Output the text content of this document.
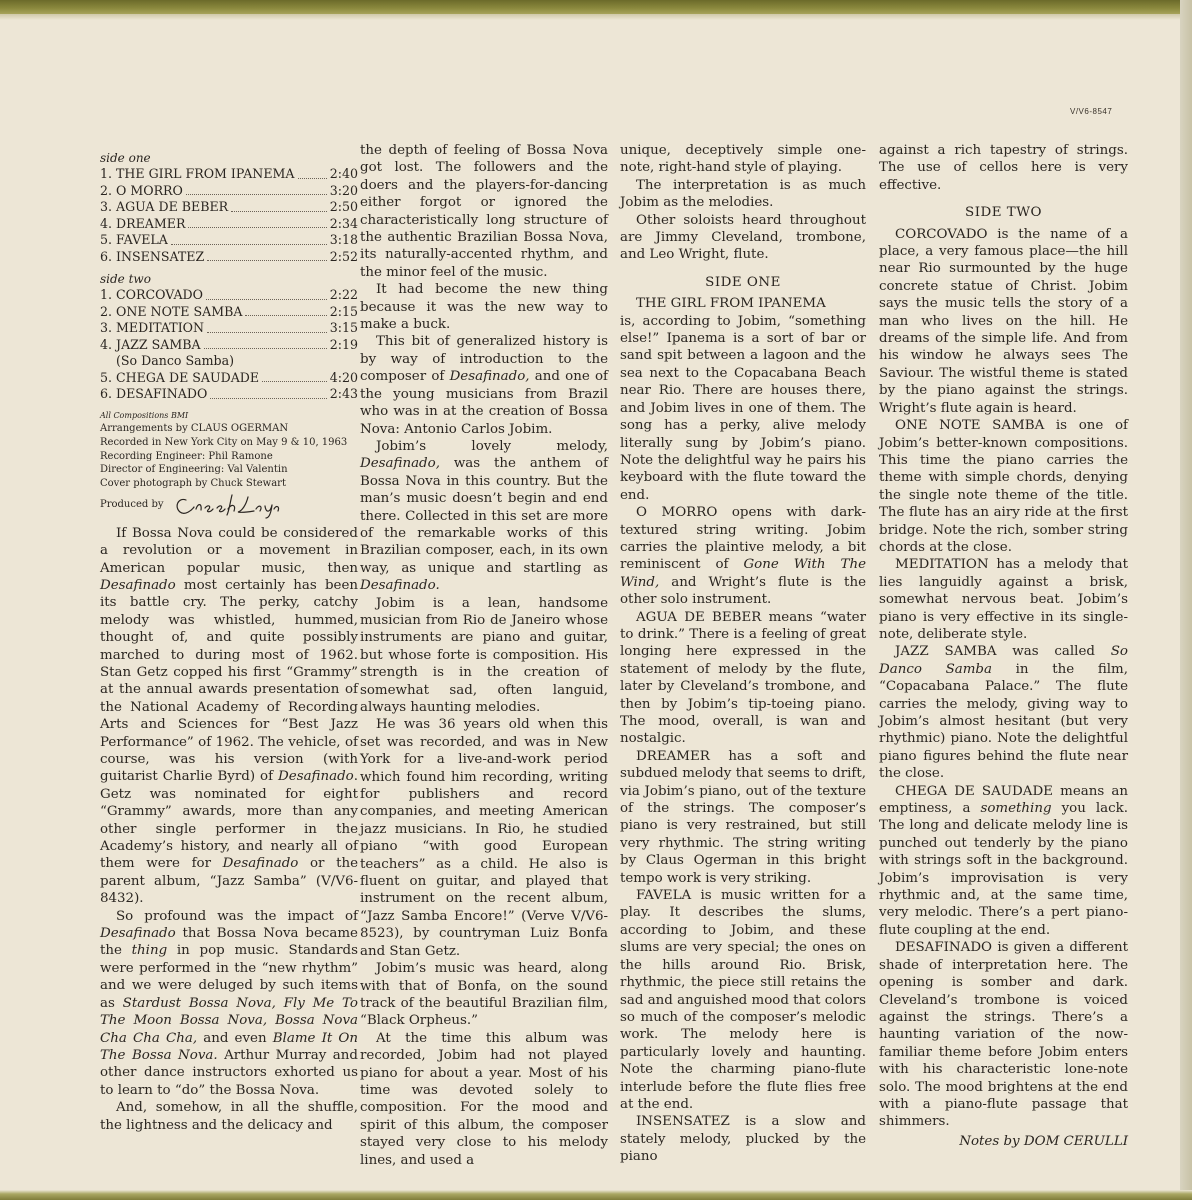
V/V6-8547

side one

1. THE GIRL FROM IPANEMA	2:40
2. O MORRO	3:20
3. AGUA DE BEBER	2:50
4. DREAMER	2:34
5. FAVELA	3:18
6. INSENSATEZ	2:52

side two

1. CORCOVADO	2:22
2. ONE NOTE SAMBA	2:15
3. MEDITATION	3:15
4. JAZZ SAMBA	2:19
(So Danco Samba)
5. CHEGA DE SAUDADE	4:20
6. DESAFINADO	2:43
All Compositions BMI
Arrangements by CLAUS OGERMAN
Recorded in New York City on May 9 & 10, 1963
Recording Engineer: Phil Ramone
Director of Engineering: Val Valentin
Cover photograph by Chuck Stewart
Produced by

If Bossa Nova could be considered a revolution or a movement in American popular music, then Desafinado most certainly has been its battle cry. The perky, catchy melody was whistled, hummed, thought of, and quite possibly marched to during most of 1962. Stan Getz copped his first “Grammy” at the annual awards presentation of the National Academy of Recording Arts and Sciences for “Best Jazz Performance” of 1962. The vehicle, of course, was his version (with guitarist Charlie Byrd) of Desafinado. Getz was nominated for eight “Grammy” awards, more than any other single performer in the Academy’s history, and nearly all of them were for Desafinado or the parent album, “Jazz Samba” (V/V6-8432).

So profound was the impact of Desafinado that Bossa Nova became the thing in pop music. Standards were performed in the “new rhythm” and we were deluged by such items as Stardust Bossa Nova, Fly Me To The Moon Bossa Nova, Bossa Nova Cha Cha Cha, and even Blame It On The Bossa Nova. Arthur Murray and other dance instructors exhorted us to learn to “do” the Bossa Nova.

And, somehow, in all the shuffle, the lightness and the delicacy and

the depth of feeling of Bossa Nova got lost. The followers and the doers and the players-for-dancing either forgot or ignored the characteristically long structure of the authentic Brazilian Bossa Nova, its naturally-accented rhythm, and the minor feel of the music.

It had become the new thing because it was the new way to make a buck.

This bit of generalized history is by way of introduction to the composer of Desafinado, and one of the young musicians from Brazil who was in at the creation of Bossa Nova: Antonio Carlos Jobim.

Jobim’s lovely melody, Desafinado, was the anthem of Bossa Nova in this country. But the man’s music doesn’t begin and end there. Collected in this set are more of the remarkable works of this Brazilian composer, each, in its own way, as unique and startling as Desafinado.

Jobim is a lean, handsome musician from Rio de Janeiro whose instruments are piano and guitar, but whose forte is composition. His strength is in the creation of somewhat sad, often languid, always haunting melodies.

He was 36 years old when this set was recorded, and was in New York for a live-and-work period which found him recording, writing for publishers and record companies, and meeting American jazz musicians. In Rio, he studied piano “with good European teachers” as a child. He also is fluent on guitar, and played that instrument on the recent album, “Jazz Samba Encore!” (Verve V/V6-8523), by countryman Luiz Bonfa and Stan Getz.

Jobim’s music was heard, along with that of Bonfa, on the sound track of the beautiful Brazilian film, “Black Orpheus.”

At the time this album was recorded, Jobim had not played piano for about a year. Most of his time was devoted solely to composition. For the mood and spirit of this album, the composer stayed very close to his melody lines, and used a

unique, deceptively simple one-note, right-hand style of playing.

The interpretation is as much Jobim as the melodies.

Other soloists heard throughout are Jimmy Cleveland, trombone, and Leo Wright, flute.

SIDE ONE

THE GIRL FROM IPANEMA

is, according to Jobim, “something else!” Ipanema is a sort of bar or sand spit between a lagoon and the sea next to the Copacabana Beach near Rio. There are houses there, and Jobim lives in one of them. The song has a perky, alive melody literally sung by Jobim’s piano. Note the delightful way he pairs his keyboard with the flute toward the end.

O MORRO opens with dark-textured string writing. Jobim carries the plaintive melody, a bit reminiscent of Gone With The Wind, and Wright’s flute is the other solo instrument.

AGUA DE BEBER means “water to drink.” There is a feeling of great longing here expressed in the statement of melody by the flute, later by Cleveland’s trombone, and then by Jobim’s tip-toeing piano. The mood, overall, is wan and nostalgic.

DREAMER has a soft and subdued melody that seems to drift, via Jobim’s piano, out of the texture of the strings. The composer’s piano is very restrained, but still very rhythmic. The string writing by Claus Ogerman in this bright tempo work is very striking.

FAVELA is music written for a play. It describes the slums, according to Jobim, and these slums are very special; the ones on the hills around Rio. Brisk, rhythmic, the piece still retains the sad and anguished mood that colors so much of the composer’s melodic work. The melody here is particularly lovely and haunting. Note the charming piano-flute interlude before the flute flies free at the end.

INSENSATEZ is a slow and stately melody, plucked by the piano

against a rich tapestry of strings. The use of cellos here is very effective.

SIDE TWO

CORCOVADO is the name of a place, a very famous place—the hill near Rio surmounted by the huge concrete statue of Christ. Jobim says the music tells the story of a man who lives on the hill. He dreams of the simple life. And from his window he always sees The Saviour. The wistful theme is stated by the piano against the strings. Wright’s flute again is heard.

ONE NOTE SAMBA is one of Jobim’s better-known compositions. This time the piano carries the theme with simple chords, denying the single note theme of the title. The flute has an airy ride at the first bridge. Note the rich, somber string chords at the close.

MEDITATION has a melody that lies languidly against a brisk, somewhat nervous beat. Jobim’s piano is very effective in its single-note, deliberate style.

JAZZ SAMBA was called So Danco Samba in the film, “Copacabana Palace.” The flute carries the melody, giving way to Jobim’s almost hesitant (but very rhythmic) piano. Note the delightful piano figures behind the flute near the close.

CHEGA DE SAUDADE means an emptiness, a something you lack. The long and delicate melody line is punched out tenderly by the piano with strings soft in the background. Jobim’s improvisation is very rhythmic and, at the same time, very melodic. There’s a pert piano-flute coupling at the end.

DESAFINADO is given a different shade of interpretation here. The opening is somber and dark. Cleveland’s trombone is voiced against the strings. There’s a haunting variation of the now-familiar theme before Jobim enters with his characteristic lone-note solo. The mood brightens at the end with a piano-flute passage that shimmers.

Notes by DOM CERULLI
